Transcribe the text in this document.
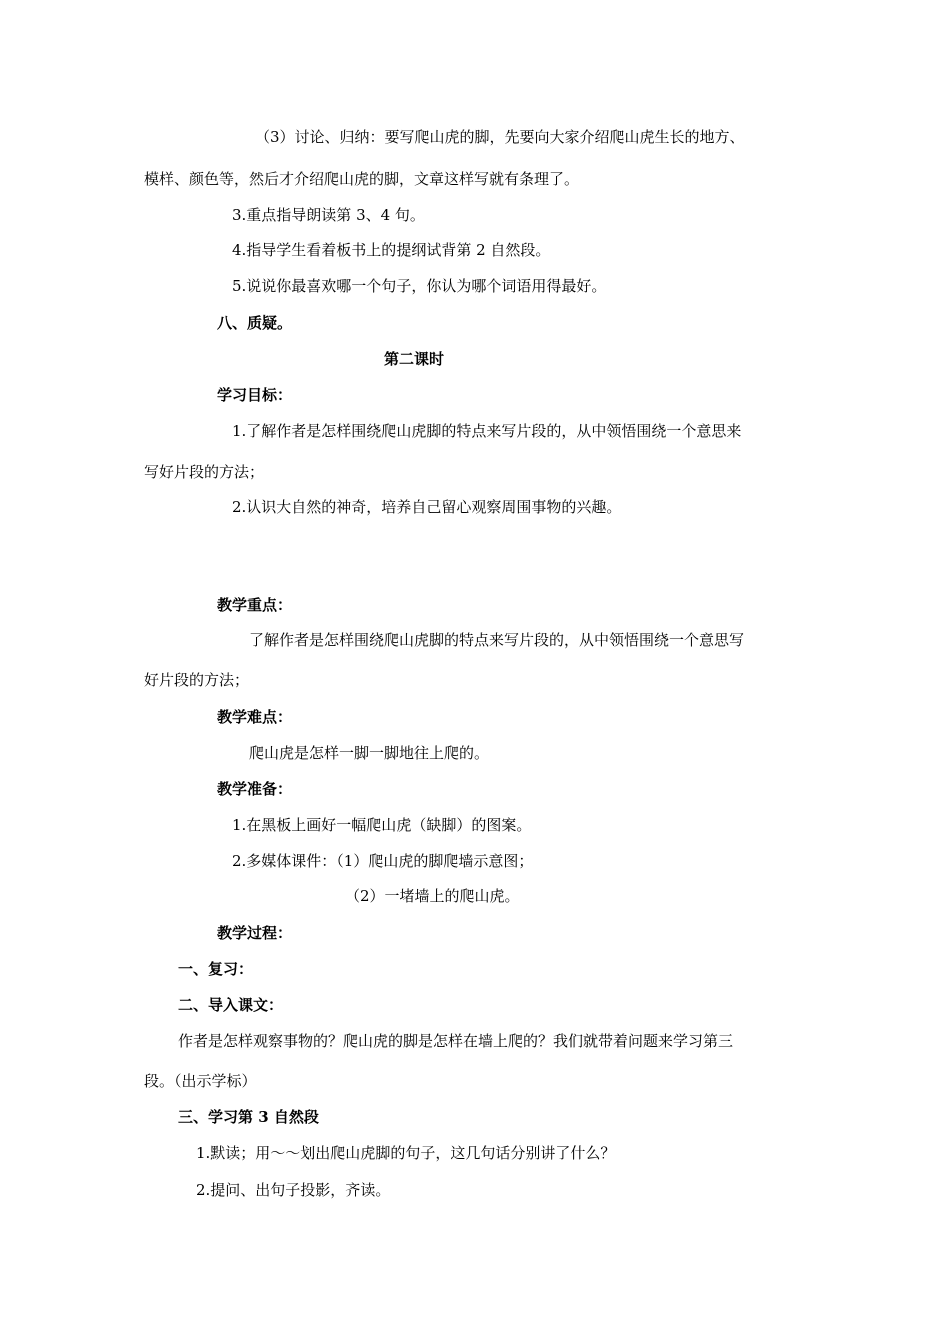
（3）讨论、归纳：要写爬山虎的脚，先要向大家介绍爬山虎生长的地方、
模样、颜色等，然后才介绍爬山虎的脚，文章这样写就有条理了。
3.重点指导朗读第 3、4 句。
4.指导学生看着板书上的提纲试背第 2 自然段。
5.说说你最喜欢哪一个句子，你认为哪个词语用得最好。
八、质疑。
第二课时
学习目标：
1.了解作者是怎样围绕爬山虎脚的特点来写片段的，从中领悟围绕一个意思来
写好片段的方法；
2.认识大自然的神奇，培养自己留心观察周围事物的兴趣。
教学重点：
了解作者是怎样围绕爬山虎脚的特点来写片段的，从中领悟围绕一个意思写
好片段的方法；
教学难点：
爬山虎是怎样一脚一脚地往上爬的。
教学准备：
1.在黑板上画好一幅爬山虎（缺脚）的图案。
2.多媒体课件：（1）爬山虎的脚爬墙示意图；
（2）一堵墙上的爬山虎。
教学过程：
一、复习：
二、导入课文：
作者是怎样观察事物的？爬山虎的脚是怎样在墙上爬的？我们就带着问题来学习第三
段。（出示学标）
三、学习第 3 自然段
1.默读；用～～划出爬山虎脚的句子，这几句话分别讲了什么？
2.提问、出句子投影，齐读。
